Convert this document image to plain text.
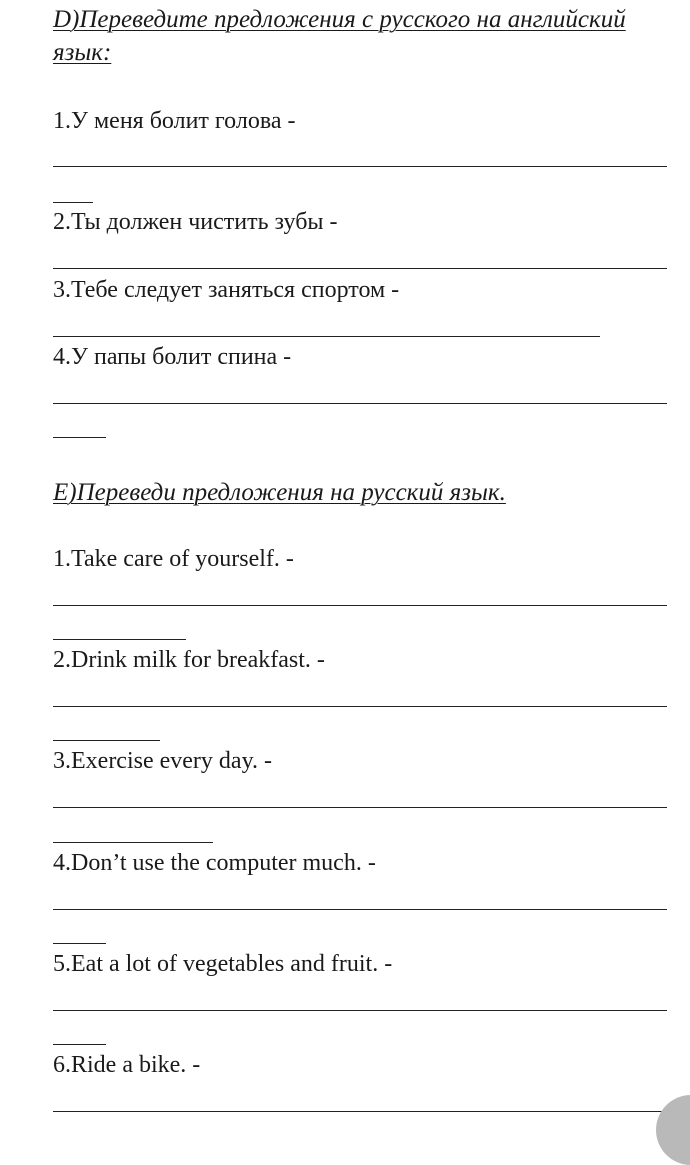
D)Переведите предложения с русского на английский
язык:
1.У меня болит голова -
2.Ты должен чистить зубы -
3.Тебе следует заняться спортом -
4.У папы болит спина -
E)Переведи предложения на русский язык.
1.Take care of yourself. -
2.Drink milk for breakfast. -
3.Exercise every day. -
4.Don’t use the computer much. -
5.Eat a lot of vegetables and fruit. -
6.Ride a bike. -
